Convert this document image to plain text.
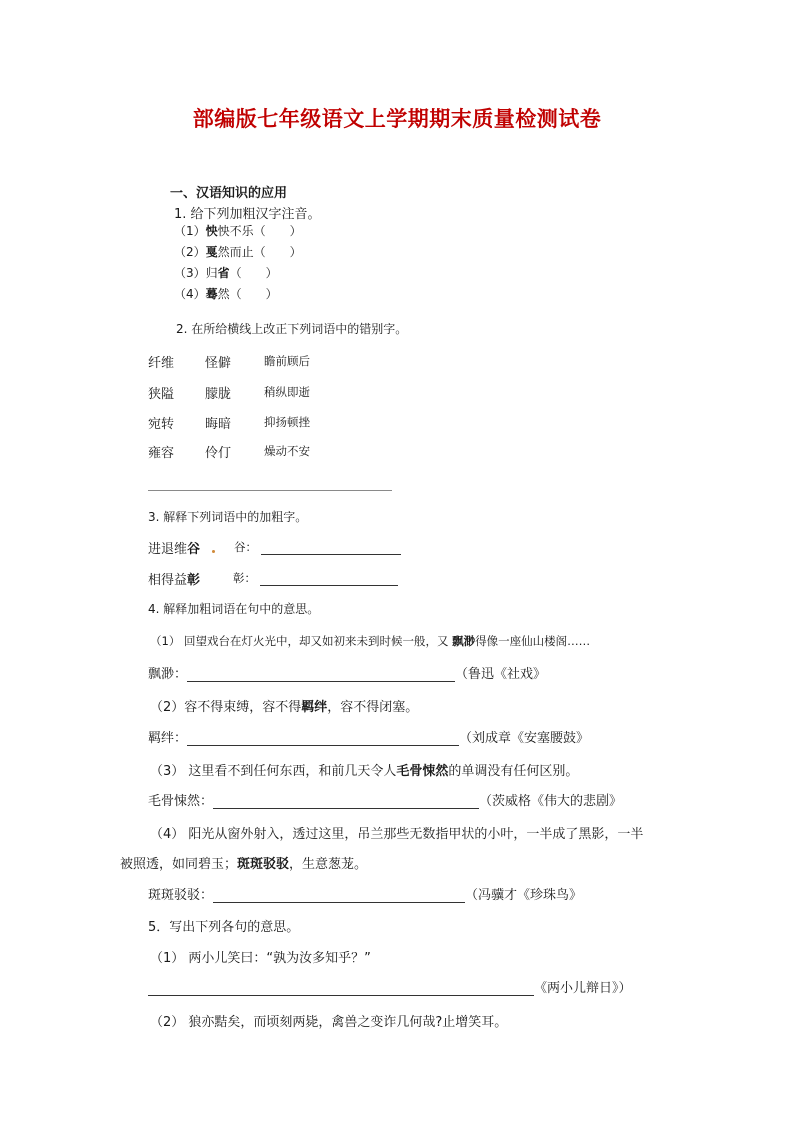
部编版七年级语文上学期期末质量检测试卷
一、汉语知识的应用
1. 给下列加粗汉字注音。
（1）怏怏不乐（　　）
（2）戛然而止（　　）
（3）归省（　　）
（4）蓦然（　　）
2. 在所给横线上改正下列词语中的错别字。
纤维 怪僻	瞻前顾后
狭隘 朦胧	稍纵即逝
宛转 晦暗	抑扬顿挫
雍容 伶仃	燥动不安
3. 解释下列词语中的加粗字。
进退维谷	谷：
相得益彰	彰：
4. 解释加粗词语在句中的意思。
（1） 回望戏台在灯火光中，却又如初来未到时候一般，又 飘渺得像一座仙山楼阁……
飘渺：	（鲁迅《社戏》
（2）容不得束缚，容不得羁绊，容不得闭塞。
羁绊：	（刘成章《安塞腰鼓》
（3） 这里看不到任何东西，和前几天令人毛骨悚然的单调没有任何区别。
毛骨悚然：	（茨威格《伟大的悲剧》
（4） 阳光从窗外射入，透过这里，吊兰那些无数指甲状的小叶，一半成了黑影，一半
被照透，如同碧玉；斑斑驳驳，生意葱茏。
斑斑驳驳：	（冯骥才《珍珠鸟》
5．写出下列各句的意思。
（1） 两小儿笑曰：“孰为汝多知乎？”
《两小儿辩日》）
（2） 狼亦黠矣，而顷刻两毙，禽兽之变诈几何哉?止增笑耳。
